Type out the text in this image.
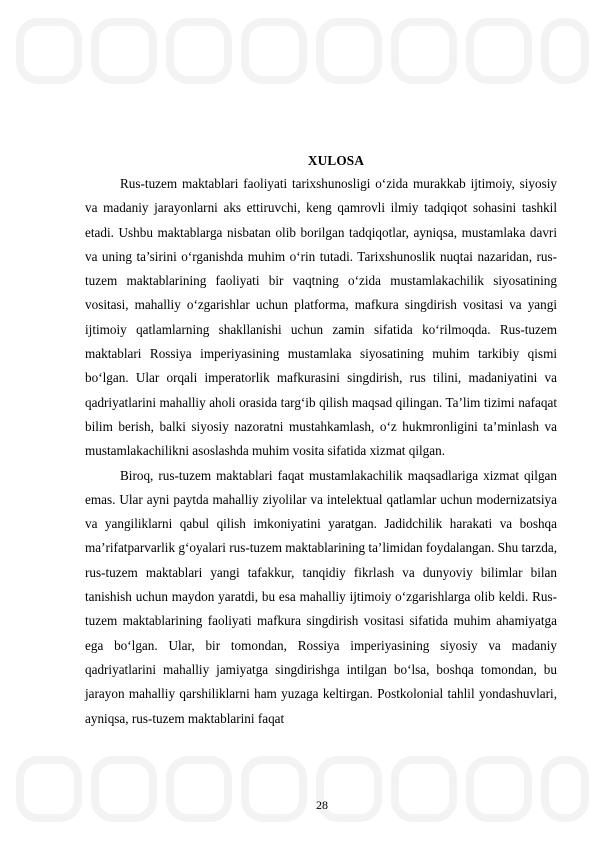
XULOSA

Rus-tuzem maktablari faoliyati tarixshunosligi o‘zida murakkab ijtimoiy, siyosiy va madaniy jarayonlarni aks ettiruvchi, keng qamrovli ilmiy tadqiqot sohasini tashkil etadi. Ushbu maktablarga nisbatan olib borilgan tadqiqotlar, ayniqsa, mustamlaka davri va uning ta’sirini o‘rganishda muhim o‘rin tutadi. Tarixshunoslik nuqtai nazaridan, rus-tuzem maktablarining faoliyati bir vaqtning o‘zida mustamlakachilik siyosatining vositasi, mahalliy o‘zgarishlar uchun platforma, mafkura singdirish vositasi va yangi ijtimoiy qatlamlarning shakllanishi uchun zamin sifatida ko‘rilmoqda. Rus-tuzem maktablari Rossiya imperiyasining mustamlaka siyosatining muhim tarkibiy qismi bo‘lgan. Ular orqali imperatorlik mafkurasini singdirish, rus tilini, madaniyatini va qadriyatlarini mahalliy aholi orasida targ‘ib qilish maqsad qilingan. Ta’lim tizimi nafaqat bilim berish, balki siyosiy nazoratni mustahkamlash, o‘z hukmronligini ta’minlash va mustamlakachilikni asoslashda muhim vosita sifatida xizmat qilgan.

Biroq, rus-tuzem maktablari faqat mustamlakachilik maqsadlariga xizmat qilgan emas. Ular ayni paytda mahalliy ziyolilar va intelektual qatlamlar uchun modernizatsiya va yangiliklarni qabul qilish imkoniyatini yaratgan. Jadidchilik harakati va boshqa ma’rifatparvarlik g‘oyalari rus-tuzem maktablarining ta’limidan foydalangan. Shu tarzda, rus-tuzem maktablari yangi tafakkur, tanqidiy fikrlash va dunyoviy bilimlar bilan tanishish uchun maydon yaratdi, bu esa mahalliy ijtimoiy o‘zgarishlarga olib keldi. Rus-tuzem maktablarining faoliyati mafkura singdirish vositasi sifatida muhim ahamiyatga ega bo‘lgan. Ular, bir tomondan, Rossiya imperiyasining siyosiy va madaniy qadriyatlarini mahalliy jamiyatga singdirishga intilgan bo‘lsa, boshqa tomondan, bu jarayon mahalliy qarshiliklarni ham yuzaga keltirgan. Postkolonial tahlil yondashuvlari, ayniqsa, rus-tuzem maktablarini faqat

28
